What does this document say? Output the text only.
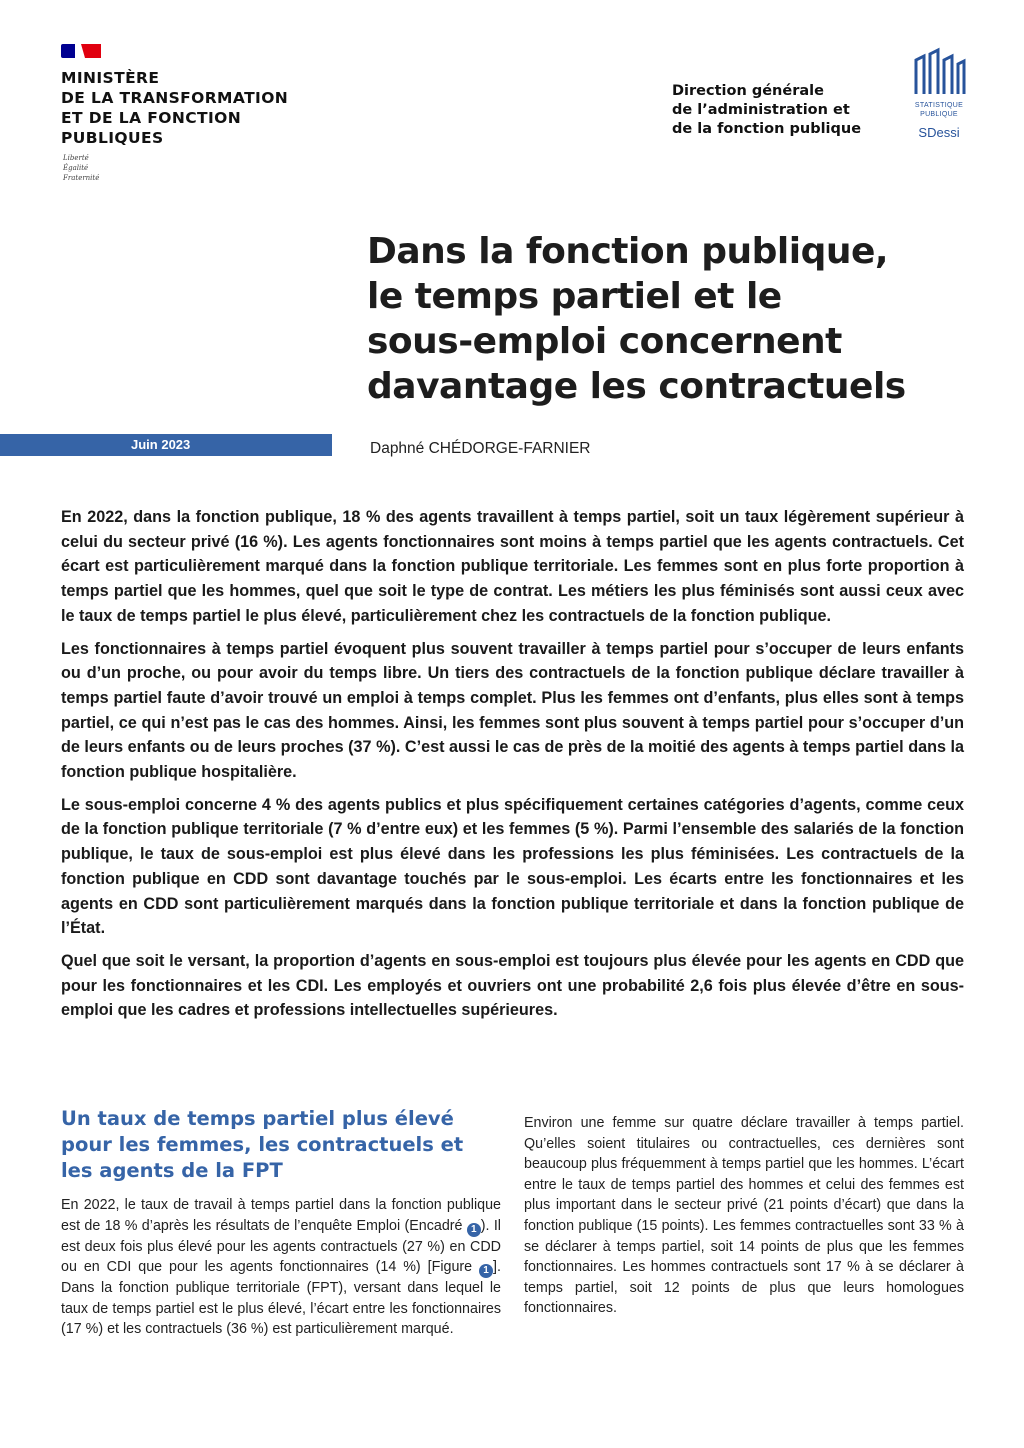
MINISTÈRE
DE LA TRANSFORMATION
ET DE LA FONCTION
PUBLIQUES
Liberté
Égalité
Fraternité
Direction générale
de l’administration et
de la fonction publique
STATISTIQUE
PUBLIQUE
SDessi
Dans la fonction publique,
le temps partiel et le
sous-emploi concernent
davantage les contractuels
Juin 2023	Daphné CHÉDORGE-FARNIER

En 2022, dans la fonction publique, 18 % des agents travaillent à temps partiel, soit un taux légèrement supérieur à celui du secteur privé (16 %). Les agents fonctionnaires sont moins à temps partiel que les agents contractuels. Cet écart est particulièrement marqué dans la fonction publique territoriale. Les femmes sont en plus forte proportion à temps partiel que les hommes, quel que soit le type de contrat. Les métiers les plus féminisés sont aussi ceux avec le taux de temps partiel le plus élevé, particulièrement chez les contractuels de la fonction publique.

Les fonctionnaires à temps partiel évoquent plus souvent travailler à temps partiel pour s’occuper de leurs enfants ou d’un proche, ou pour avoir du temps libre. Un tiers des contractuels de la fonction publique déclare travailler à temps partiel faute d’avoir trouvé un emploi à temps complet. Plus les femmes ont d’enfants, plus elles sont à temps partiel, ce qui n’est pas le cas des hommes. Ainsi, les femmes sont plus souvent à temps partiel pour s’occuper d’un de leurs enfants ou de leurs proches (37 %). C’est aussi le cas de près de la moitié des agents à temps partiel dans la fonction publique hospitalière.

Le sous-emploi concerne 4 % des agents publics et plus spécifiquement certaines catégories d’agents, comme ceux de la fonction publique territoriale (7 % d’entre eux) et les femmes (5 %). Parmi l’ensemble des salariés de la fonction publique, le taux de sous-emploi est plus élevé dans les professions les plus féminisées. Les contractuels de la fonction publique en CDD sont davantage touchés par le sous-emploi. Les écarts entre les fonctionnaires et les agents en CDD sont particulièrement marqués dans la fonction publique territoriale et dans la fonction publique de l’État.

Quel que soit le versant, la proportion d’agents en sous-emploi est toujours plus élevée pour les agents en CDD que pour les fonctionnaires et les CDI. Les employés et ouvriers ont une probabilité 2,6 fois plus élevée d’être en sous-emploi que les cadres et professions intellectuelles supérieures.

Un taux de temps partiel plus élevé pour les femmes, les contractuels et les agents de la FPT

En 2022, le taux de travail à temps partiel dans la fonction publique est de 18 % d’après les résultats de l’enquête Emploi (Encadré 1 ). Il est deux fois plus élevé pour les agents contractuels (27 %) en CDD ou en CDI que pour les agents fonctionnaires (14 %) [Figure 1 ]. Dans la fonction publique territoriale (FPT), versant dans lequel le taux de temps partiel est le plus élevé, l’écart entre les fonctionnaires (17 %) et les contractuels (36 %) est particulièrement marqué.

Environ une femme sur quatre déclare travailler à temps partiel. Qu’elles soient titulaires ou contractuelles, ces dernières sont beaucoup plus fréquemment à temps partiel que les hommes. L’écart entre le taux de temps partiel des hommes et celui des femmes est plus important dans le secteur privé (21 points d’écart) que dans la fonction publique (15 points). Les femmes contractuelles sont 33 % à se déclarer à temps partiel, soit 14 points de plus que les femmes fonctionnaires. Les hommes contractuels sont 17 % à se déclarer à temps partiel, soit 12 points de plus que leurs homologues fonctionnaires.
